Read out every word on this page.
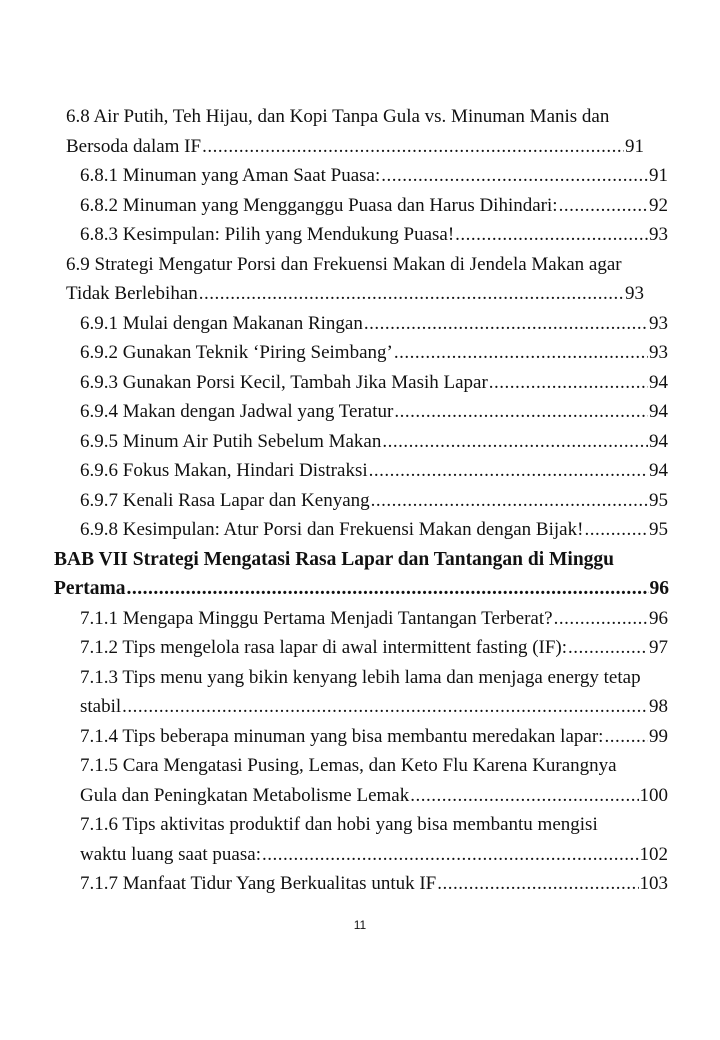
6.8 Air Putih, Teh Hijau, dan Kopi Tanpa Gula vs. Minuman Manis dan
Bersoda dalam IF .....	91
6.8.1 Minuman yang Aman Saat Puasa: .....	91
6.8.2 Minuman yang Mengganggu Puasa dan Harus Dihindari: .....	92
6.8.3 Kesimpulan: Pilih yang Mendukung Puasa! .....	93
6.9 Strategi Mengatur Porsi dan Frekuensi Makan di Jendela Makan agar
Tidak Berlebihan .....	93
6.9.1 Mulai dengan Makanan Ringan .....	93
6.9.2 Gunakan Teknik ‘Piring Seimbang’ .....	93
6.9.3 Gunakan Porsi Kecil, Tambah Jika Masih Lapar .....	94
6.9.4 Makan dengan Jadwal yang Teratur .....	94
6.9.5 Minum Air Putih Sebelum Makan .....	94
6.9.6 Fokus Makan, Hindari Distraksi .....	94
6.9.7 Kenali Rasa Lapar dan Kenyang .....	95
6.9.8 Kesimpulan: Atur Porsi dan Frekuensi Makan dengan Bijak! .....	95
BAB VII Strategi Mengatasi Rasa Lapar dan Tantangan di Minggu
Pertama .....	96
7.1.1 Mengapa Minggu Pertama Menjadi Tantangan Terberat? .....	96
7.1.2 Tips mengelola rasa lapar di awal intermittent fasting (IF): .....	97
7.1.3 Tips menu yang bikin kenyang lebih lama dan menjaga energy tetap
stabil .....	98
7.1.4 Tips beberapa minuman yang bisa membantu meredakan lapar: ..... 99
7.1.5 Cara Mengatasi Pusing, Lemas, dan Keto Flu Karena Kurangnya
Gula dan Peningkatan Metabolisme Lemak .....	100
7.1.6 Tips aktivitas produktif dan hobi yang bisa membantu mengisi
waktu luang saat puasa: .....	102
7.1.7 Manfaat Tidur Yang Berkualitas untuk IF .....	103
11
